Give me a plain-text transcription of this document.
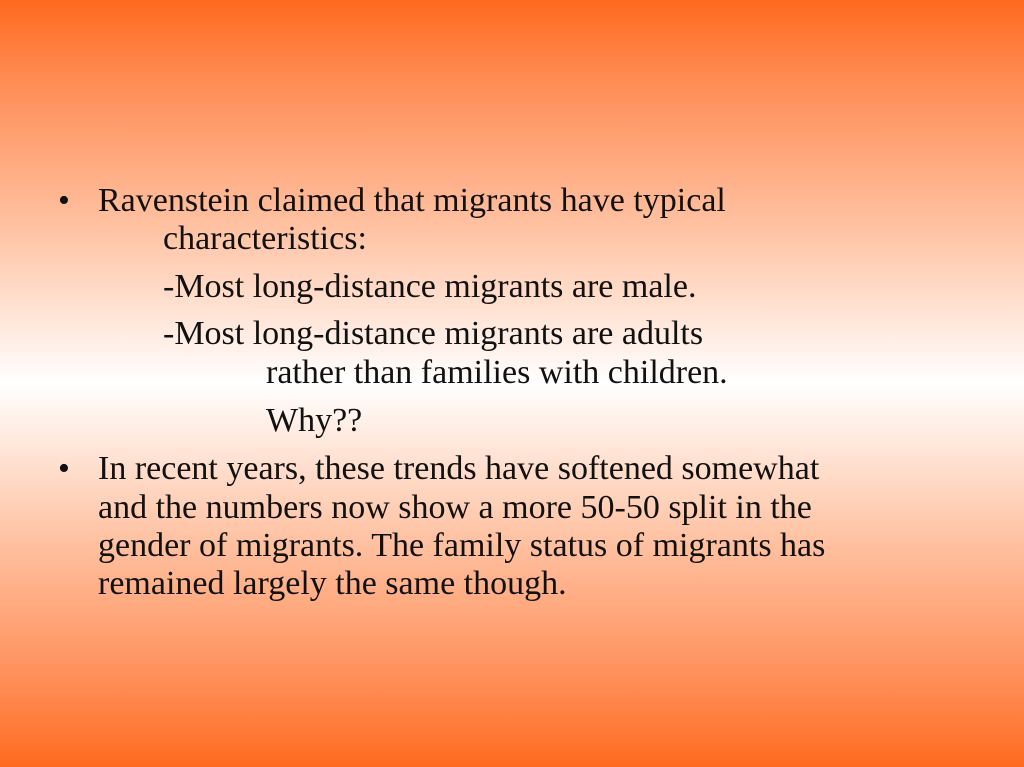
• Ravenstein claimed that migrants have typical
characteristics:
-Most long-distance migrants are male.
-Most long-distance migrants are adults
rather than families with children.
Why??
• In recent years, these trends have softened somewhat
and the numbers now show a more 50-50 split in the
gender of migrants. The family status of migrants has
remained largely the same though.
